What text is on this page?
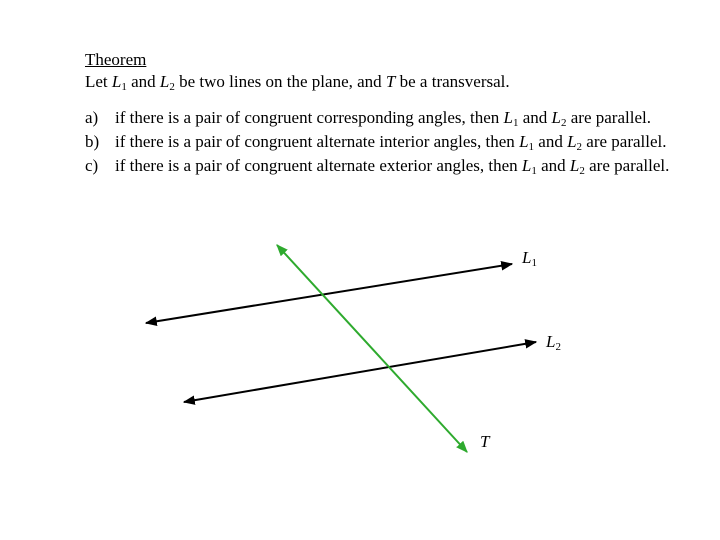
Theorem
Let $L_1$ and $L_2$ be two lines on the plane, and T be a transversal.
a) if there is a pair of congruent corresponding angles, then $L_1$ and $L_2$ are parallel.
b) if there is a pair of congruent alternate interior angles, then $L_1$ and $L_2$ are parallel.
c) if there is a pair of congruent alternate exterior angles, then $L_1$ and $L_2$ are parallel.
$L_1$
$L_2$
T
